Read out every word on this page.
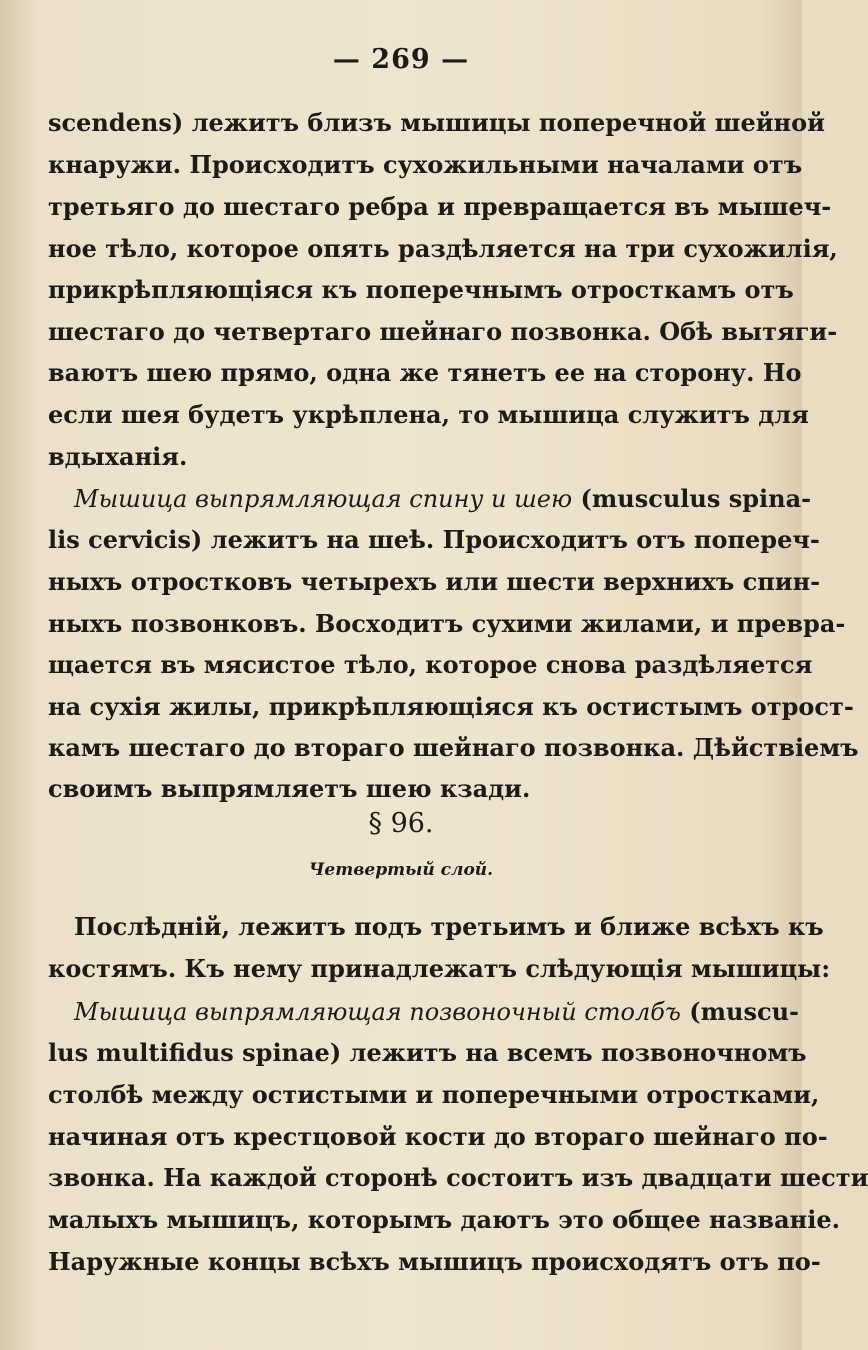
— 269 —
scendens) лежитъ близъ мышицы поперечной шейной
кнаружи. Происходитъ сухожильными началами отъ
третьяго до шестаго ребра и превращается въ мышеч-
ное тѣло, которое опять раздѣляется на три сухожилія,
прикрѣпляющіяся къ поперечнымъ отросткамъ отъ
шестаго до четвертаго шейнаго позвонка. Обѣ вытяги-
ваютъ шею прямо, одна же тянетъ ее на сторону. Но
если шея будетъ укрѣплена, то мышица служитъ для
вдыханія.
Мышица выпрямляющая спину и шею (musculus spina-
lis cervicis) лежитъ на шеѣ. Происходитъ отъ попереч-
ныхъ отростковъ четырехъ или шести верхнихъ спин-
ныхъ позвонковъ. Восходитъ сухими жилами, и превра-
щается въ мясистое тѣло, которое снова раздѣляется
на сухія жилы, прикрѣпляющіяся къ остистымъ отрост-
камъ шестаго до втораго шейнаго позвонка. Дѣйствіемъ
своимъ выпрямляетъ шею кзади.
Послѣдній, лежитъ подъ третьимъ и ближе всѣхъ къ
костямъ. Къ нему принадлежатъ слѣдующія мышицы:
Мышица выпрямляющая позвоночный столбъ (muscu-
lus multifidus spinae) лежитъ на всемъ позвоночномъ
столбѣ между остистыми и поперечными отростками,
начиная отъ крестцовой кости до втораго шейнаго по-
звонка. На каждой сторонѣ состоитъ изъ двадцати шести
малыхъ мышицъ, которымъ даютъ это общее названіе.
Наружные концы всѣхъ мышицъ происходятъ отъ по-
§ 96.
Четвертый слой.
